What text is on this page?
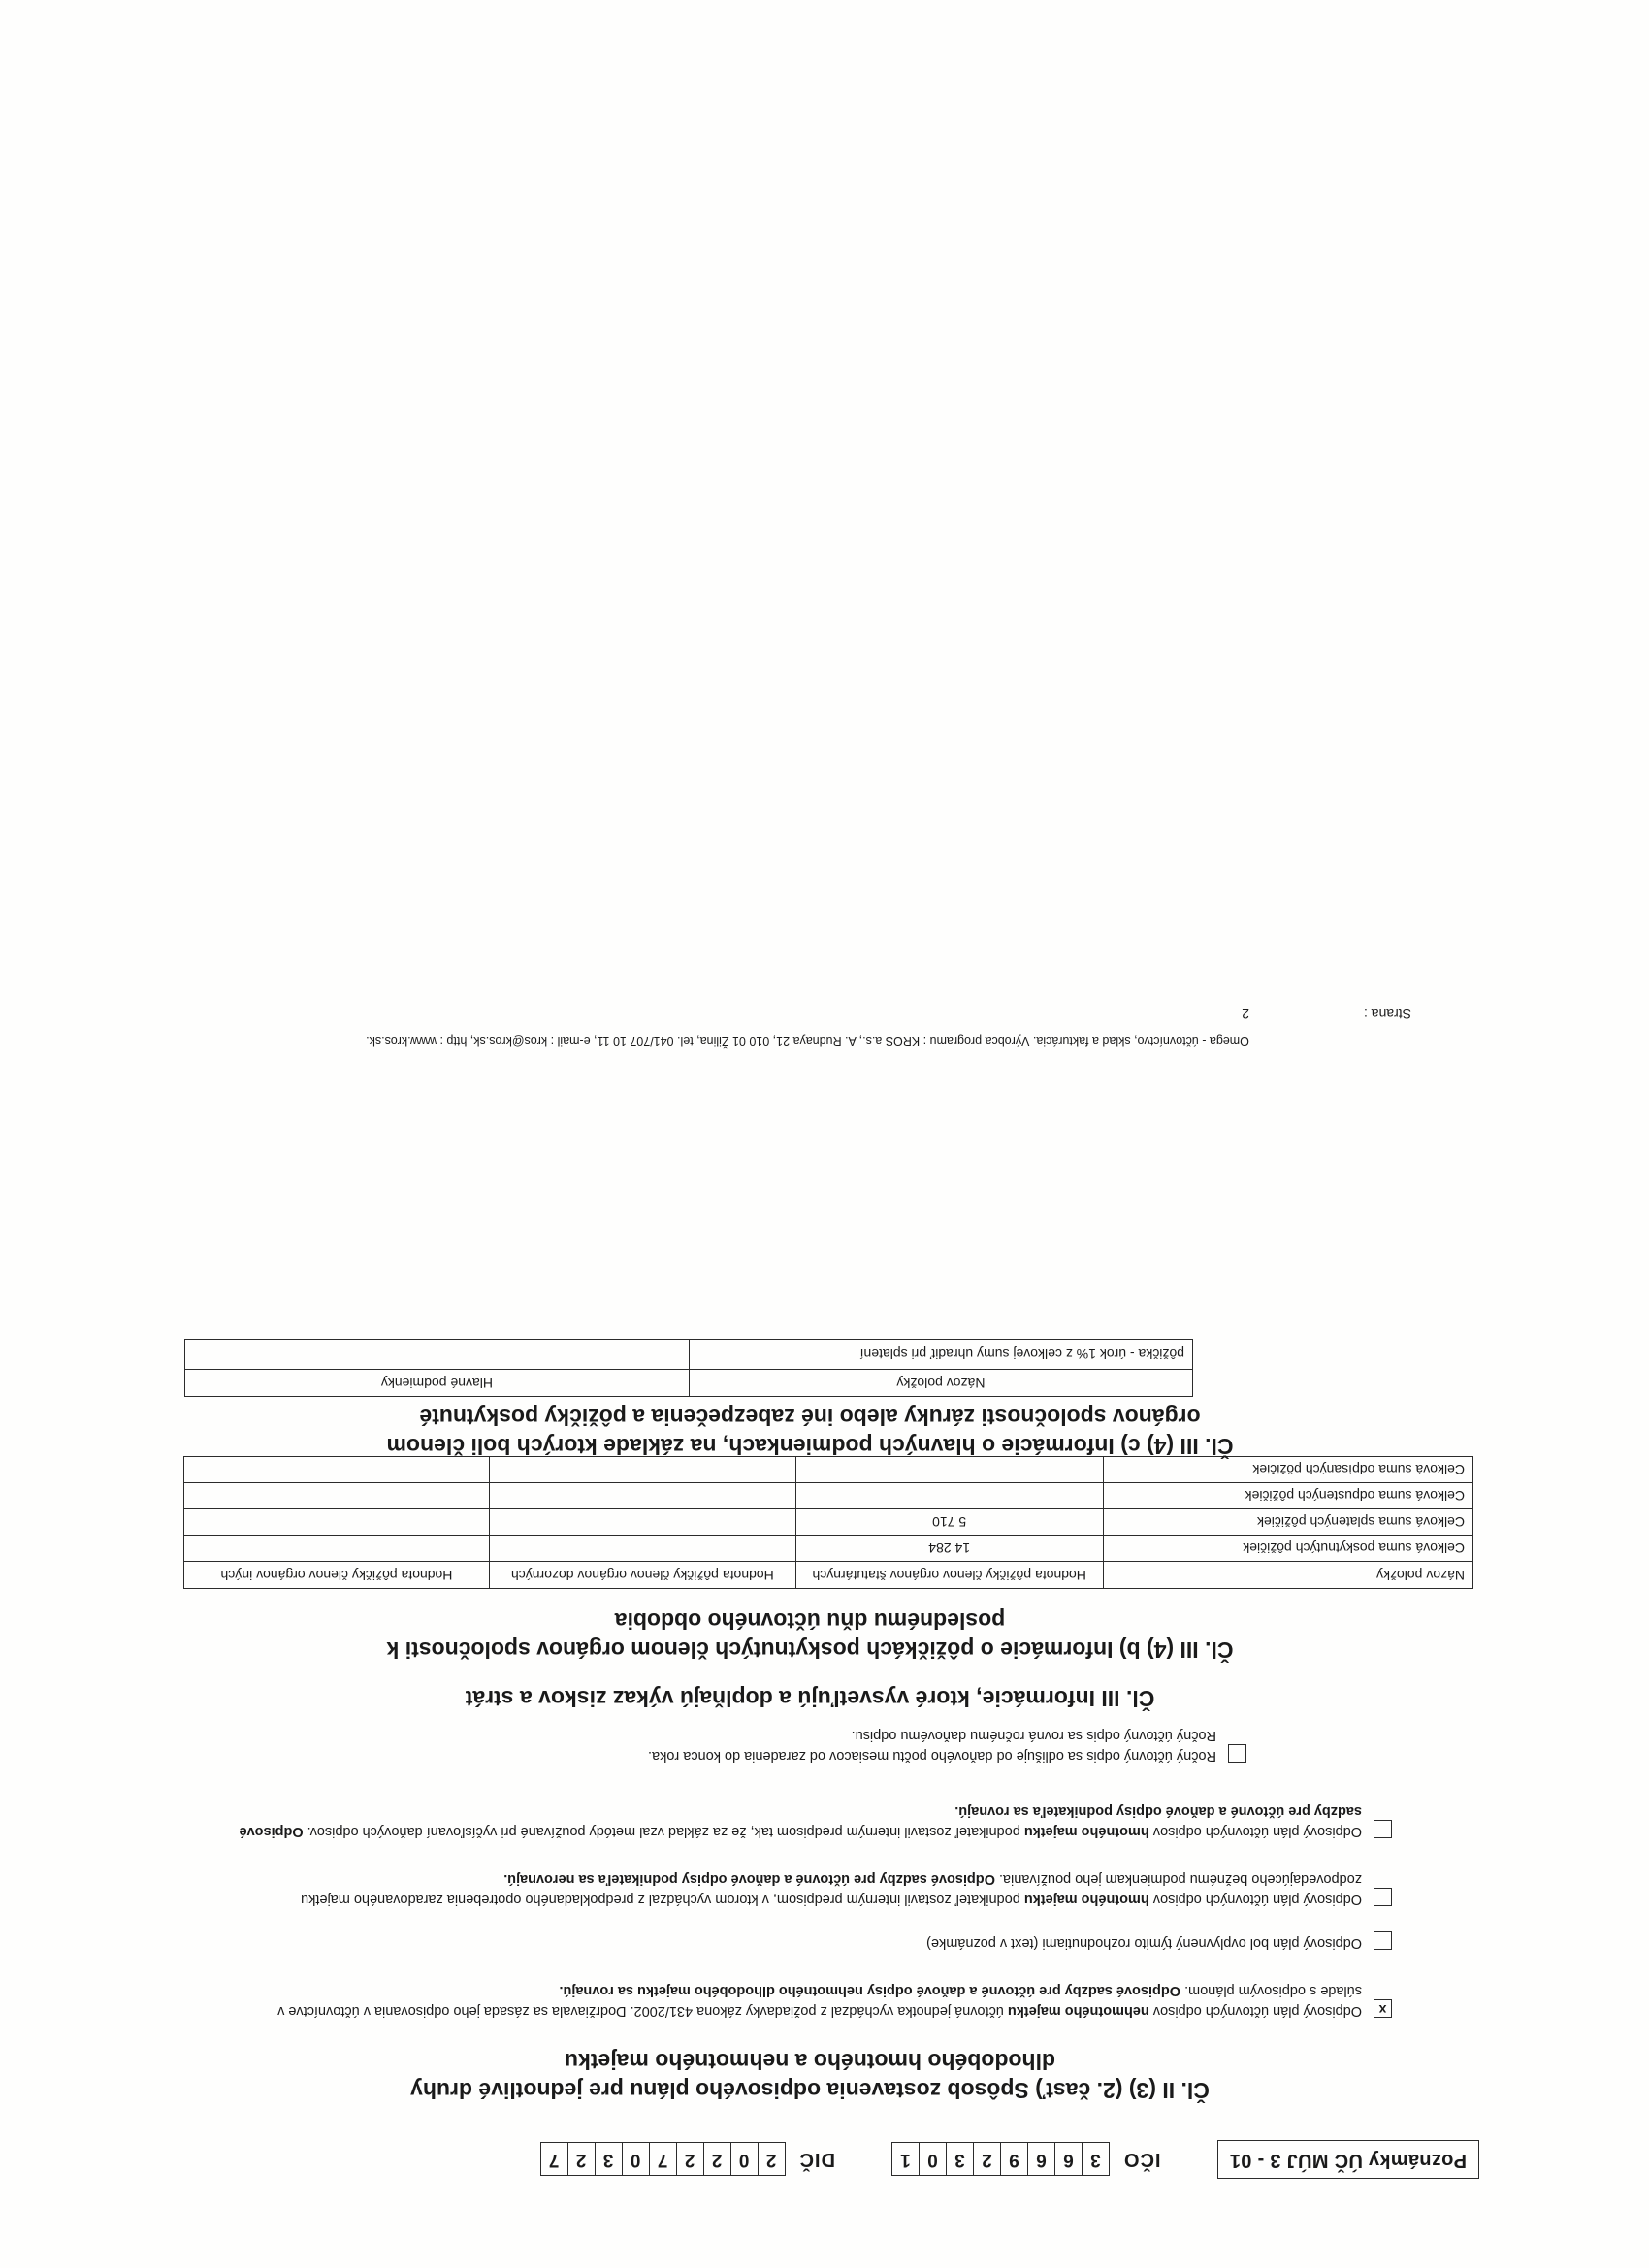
Poznámky ÚČ MÚJ 3 - 01
IČO
3
6
6
9
2
3
0
1
DIČ
2
0
2
2
7
0
3
2
7
Čl. II (3) (2. časť) Spôsob zostavenia odpisového plánu pre jednotlivé druhy
dlhodobého hmotného a nehmotného majetku
x
Odpisový plán účtovných odpisov nehmotného majetku účtovná jednotka vychádzal z požiadavky zákona 431/2002. Dodržiavala sa zásada jeho odpisovania v účtovníctve v súlade s odpisovým plánom. Odpisové sadzby pre účtovné a daňové odpisy nehmotného dlhodobého majetku sa rovnajú.
Odpisový plán bol ovplyvnený týmito rozhodnutiami (text v poznámke)
Odpisový plán účtovných odpisov hmotného majetku podnikateľ zostavil interným predpisom, v ktorom vychádzal z predpokladaného opotrebenia zaradovaného majetku zodpovedajúceho bežnému podmienkam jeho používania. Odpisové sadzby pre účtovné a daňové odpisy podnikateľa sa nerovnajú.
Odpisový plán účtovných odpisov hmotného majetku podnikateľ zostavil interným predpisom tak, že za základ vzal metódy používané pri vyčísľovaní daňových odpisov. Odpisové sadzby pre účtovné a daňové odpisy podnikateľa sa rovnajú.
Ročný účtovný odpis sa odlišuje od daňového počtu mesiacov od zaradenia do konca roka.
Ročný účtovný odpis sa rovná ročnému daňovému odpisu.
Čl. III Informácie, ktoré vysvetľujú a doplňajú výkaz ziskov a strát
Čl. III (4) b) Informácie o pôžičkách poskytnutých členom orgánov spoločnosti k
poslednému dňu účtovného obdobia
Názov položky	Hodnota pôžičky členov orgánov štatutárnych	Hodnota pôžičky členov orgánov dozorných	Hodnota pôžičky členov orgánov iných
Celková suma poskytnutých pôžičiek	14 284		
Celková suma splatených pôžičiek	5 710		
Celková suma odpustených pôžičiek			
Celková suma odpísaných pôžičiek			
Čl. III (4) c) Informácie o hlavných podmienkach, na základe ktorých boli členom
orgánov spoločnosti záruky alebo iné zabezpečenia a pôžičky poskytnuté
Názov položky	Hlavné podmienky
pôžička - úrok 1% z celkovej sumy uhradiť pri splatení	
Omega - účtovníctvo, sklad a fakturácia. Výrobca programu : KROS a.s., A. Rudnaya 21, 010 01 Žilina, tel. 041/707 10 11, e-mail : kros@kros.sk, http : www.kros.sk.
Strana :
2
